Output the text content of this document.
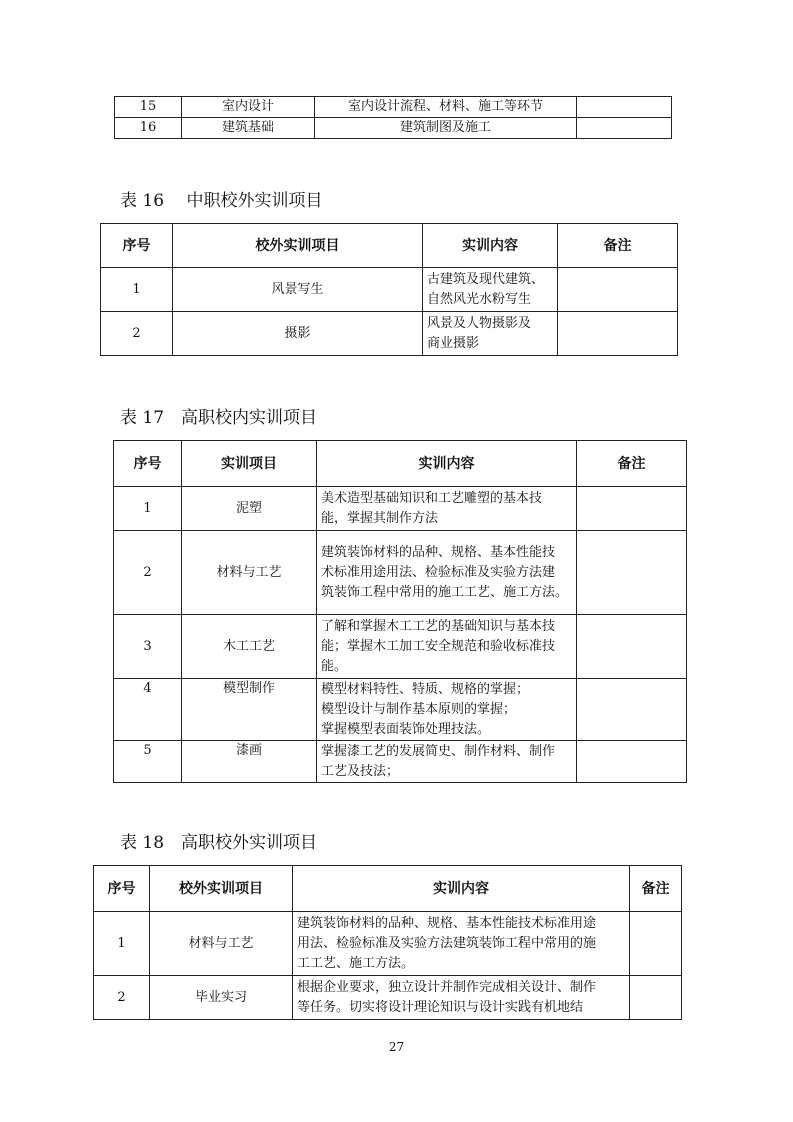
15	室内设计	室内设计流程、材料、施工等环节	
16	建筑基础	建筑制图及施工	
表 16　 中职校外实训项目
序号	校外实训项目	实训内容	备注
1	风景写生	古建筑及现代建筑、
自然风光水粉写生	
2	摄影	风景及人物摄影及
商业摄影	
表 17　高职校内实训项目
序号	实训项目	实训内容	备注
1	泥塑	美术造型基础知识和工艺雕塑的基本技
能，掌握其制作方法	
2	材料与工艺	建筑装饰材料的品种、规格、基本性能技
术标准用途用法、检验标准及实验方法建
筑装饰工程中常用的施工工艺、施工方法。	
3	木工工艺	了解和掌握木工工艺的基础知识与基本技
能；掌握木工加工安全规范和验收标准技
能。	
4	模型制作	模型材料特性、特质、规格的掌握；
模型设计与制作基本原则的掌握；
掌握模型表面装饰处理技法。	
5	漆画	掌握漆工艺的发展简史、制作材料、制作
工艺及技法；	
表 18　高职校外实训项目
序号	校外实训项目	实训内容	备注
1	材料与工艺	建筑装饰材料的品种、规格、基本性能技术标准用途
用法、检验标准及实验方法建筑装饰工程中常用的施
工工艺、施工方法。	
2	毕业实习	根据企业要求，独立设计并制作完成相关设计、制作
等任务。切实将设计理论知识与设计实践有机地结	
27
